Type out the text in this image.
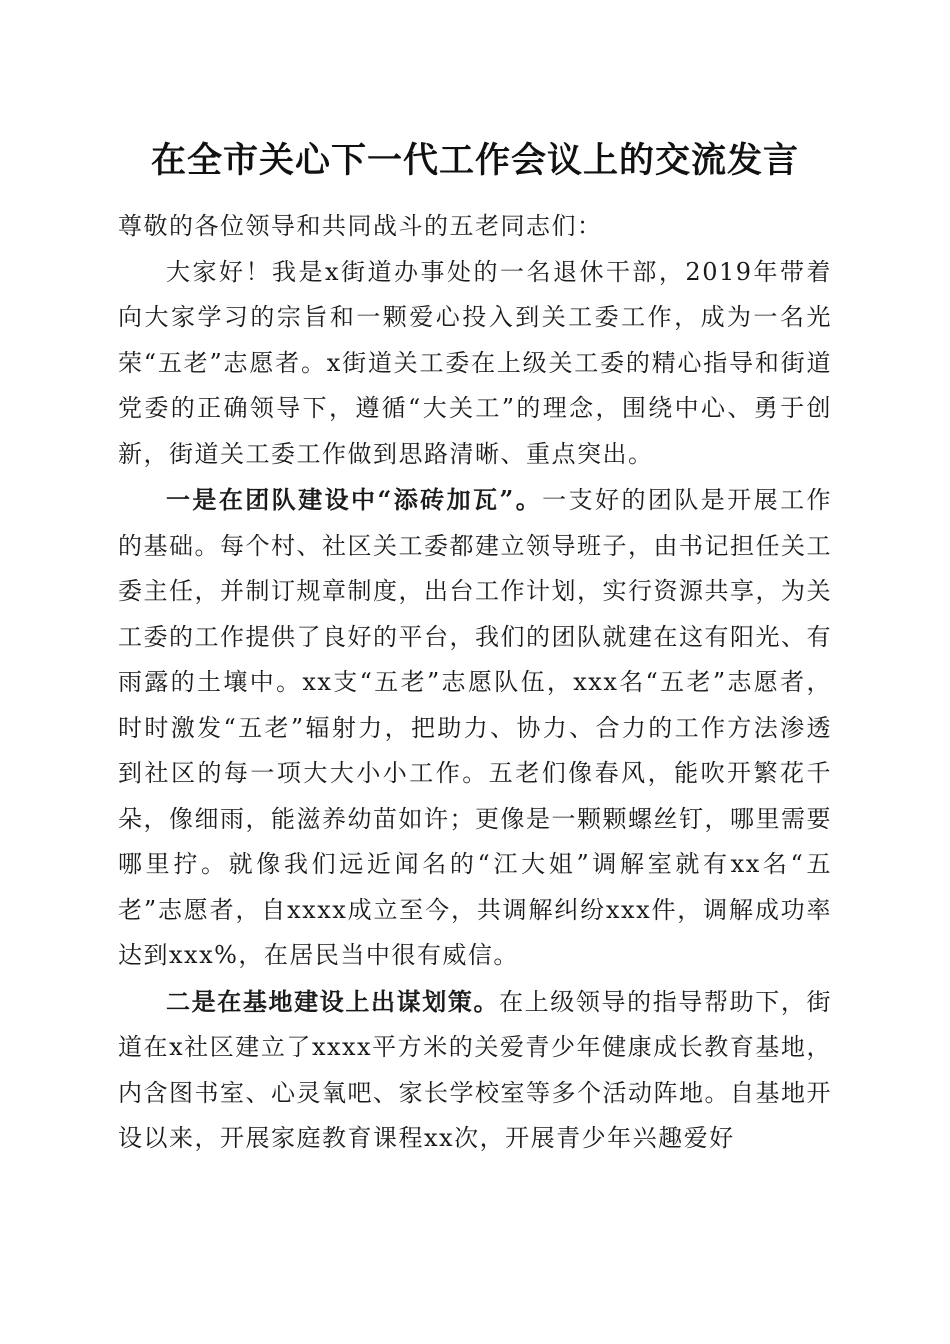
在全市关心下一代工作会议上的交流发言

尊敬的各位领导和共同战斗的五老同志们：

大家好！我是x街道办事处的一名退休干部，2019年带着向大家学习的宗旨和一颗爱心投入到关工委工作，成为一名光荣“五老”志愿者。x街道关工委在上级关工委的精心指导和街道党委的正确领导下，遵循“大关工”的理念，围绕中心、勇于创新，街道关工委工作做到思路清晰、重点突出。

一是在团队建设中“添砖加瓦”。一支好的团队是开展工作的基础。每个村、社区关工委都建立领导班子，由书记担任关工委主任，并制订规章制度，出台工作计划，实行资源共享，为关工委的工作提供了良好的平台，我们的团队就建在这有阳光、有雨露的土壤中。xx支“五老”志愿队伍，xxx名“五老”志愿者，时时激发“五老”辐射力，把助力、协力、合力的工作方法渗透到社区的每一项大大小小工作。五老们像春风，能吹开繁花千朵，像细雨，能滋养幼苗如许；更像是一颗颗螺丝钉，哪里需要哪里拧。就像我们远近闻名的“江大姐”调解室就有xx名“五老”志愿者，自xxxx成立至今，共调解纠纷xxx件，调解成功率达到xxx%，在居民当中很有威信。

二是在基地建设上出谋划策。在上级领导的指导帮助下，街道在x社区建立了xxxx平方米的关爱青少年健康成长教育基地，内含图书室、心灵氧吧、家长学校室等多个活动阵地。自基地开设以来，开展家庭教育课程xx次，开展青少年兴趣爱好
